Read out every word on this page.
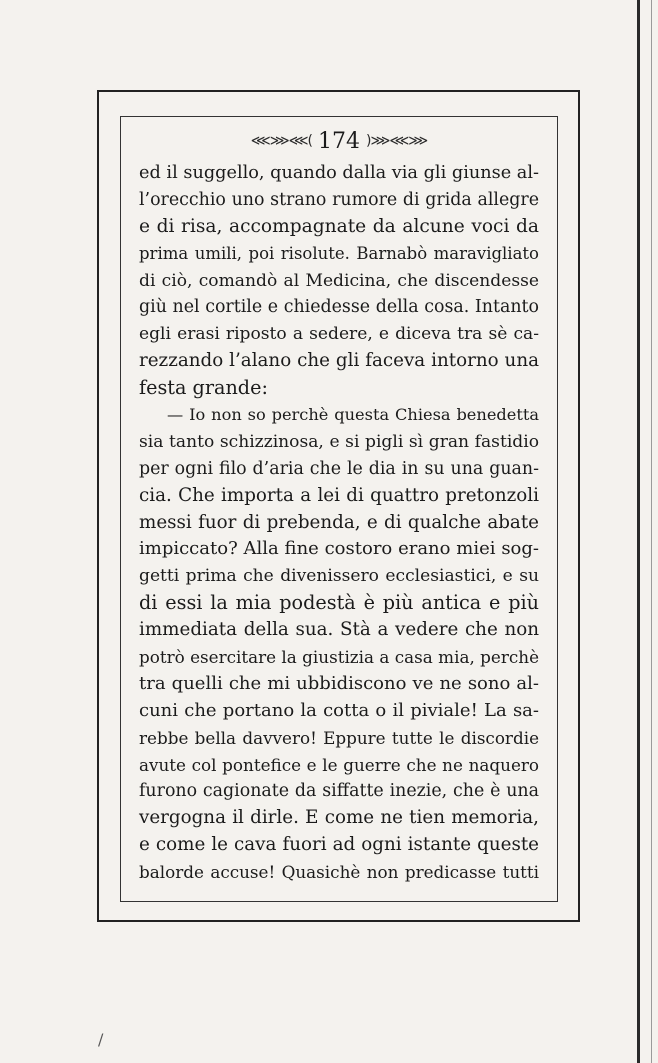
⋘⋙⋘( 174 )⋙⋘⋙
ed il suggello, quando dalla via gli giunse al-
l’orecchio uno strano rumore di grida allegre
e di risa, accompagnate da alcune voci da
prima umili, poi risolute. Barnabò maravigliato
di ciò, comandò al Medicina, che discendesse
giù nel cortile e chiedesse della cosa. Intanto
egli erasi riposto a sedere, e diceva tra sè ca-
rezzando l’alano che gli faceva intorno una
festa grande:
— Io non so perchè questa Chiesa benedetta
sia tanto schizzinosa, e si pigli sì gran fastidio
per ogni filo d’aria che le dia in su una guan-
cia. Che importa a lei di quattro pretonzoli
messi fuor di prebenda, e di qualche abate
impiccato? Alla fine costoro erano miei sog-
getti prima che divenissero ecclesiastici, e su
di essi la mia podestà è più antica e più
immediata della sua. Stà a vedere che non
potrò esercitare la giustizia a casa mia, perchè
tra quelli che mi ubbidiscono ve ne sono al-
cuni che portano la cotta o il piviale! La sa-
rebbe bella davvero! Eppure tutte le discordie
avute col pontefice e le guerre che ne naquero
furono cagionate da siffatte inezie, che è una
vergogna il dirle. E come ne tien memoria,
e come le cava fuori ad ogni istante queste
balorde accuse! Quasichè non predicasse tutti
/
